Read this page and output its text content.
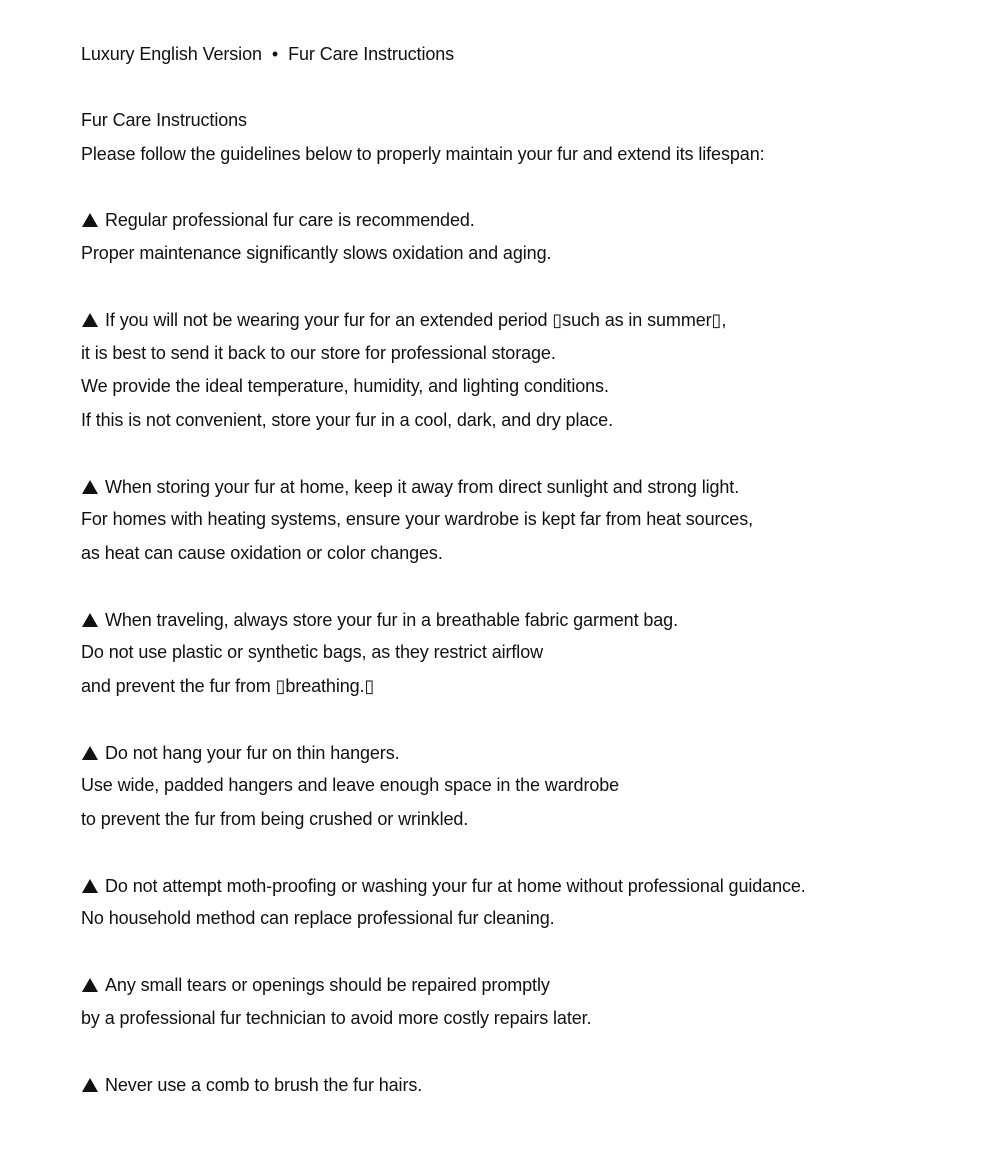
Luxury English Version • Fur Care Instructions
Fur Care Instructions
Please follow the guidelines below to properly maintain your fur and extend its lifespan:
Regular professional fur care is recommended.
Proper maintenance significantly slows oxidation and aging.
If you will not be wearing your fur for an extended period ▯such as in summer▯,
it is best to send it back to our store for professional storage.
We provide the ideal temperature, humidity, and lighting conditions.
If this is not convenient, store your fur in a cool, dark, and dry place.
When storing your fur at home, keep it away from direct sunlight and strong light.
For homes with heating systems, ensure your wardrobe is kept far from heat sources,
as heat can cause oxidation or color changes.
When traveling, always store your fur in a breathable fabric garment bag.
Do not use plastic or synthetic bags, as they restrict airflow
and prevent the fur from ▯breathing.▯
Do not hang your fur on thin hangers.
Use wide, padded hangers and leave enough space in the wardrobe
to prevent the fur from being crushed or wrinkled.
Do not attempt moth-proofing or washing your fur at home without professional guidance.
No household method can replace professional fur cleaning.
Any small tears or openings should be repaired promptly
by a professional fur technician to avoid more costly repairs later.
Never use a comb to brush the fur hairs.
